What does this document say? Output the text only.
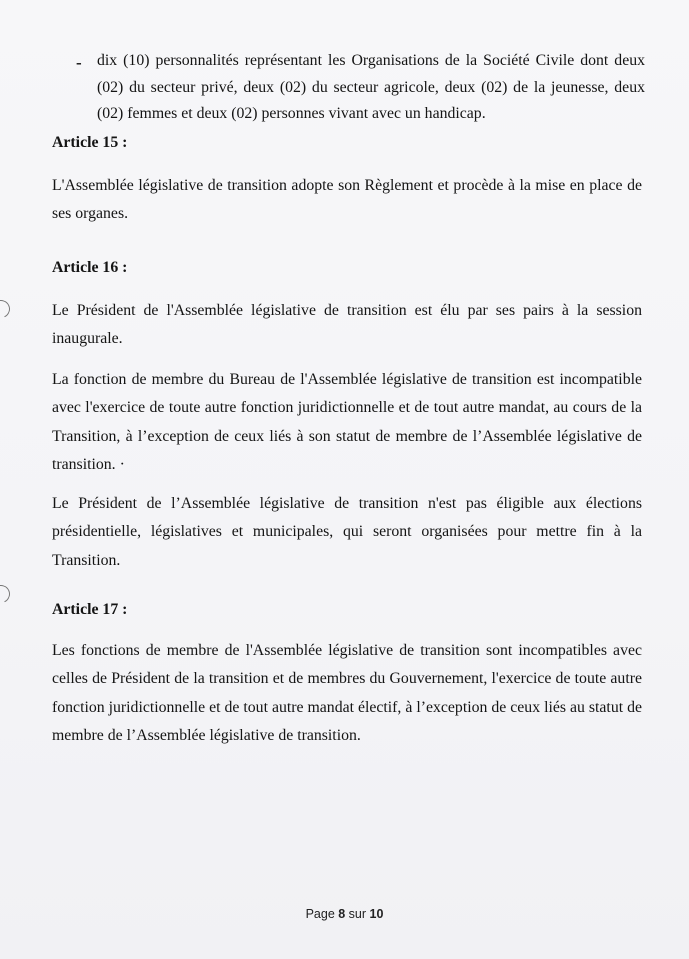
- dix (10) personnalités représentant les Organisations de la Société Civile dont deux (02) du secteur privé, deux (02) du secteur agricole, deux (02) de la jeunesse, deux (02) femmes et deux (02) personnes vivant avec un handicap.
Article 15 :
L'Assemblée législative de transition adopte son Règlement et procède à la mise en place de ses organes.
Article 16 :
Le Président de l'Assemblée législative de transition est élu par ses pairs à la session inaugurale.
La fonction de membre du Bureau de l'Assemblée législative de transition est incompatible avec l'exercice de toute autre fonction juridictionnelle et de tout autre mandat, au cours de la Transition, à l’exception de ceux liés à son statut de membre de l’Assemblée législative de transition. ·
Le Président de l’Assemblée législative de transition n'est pas éligible aux élections présidentielle, législatives et municipales, qui seront organisées pour mettre fin à la Transition.
Article 17 :
Les fonctions de membre de l'Assemblée législative de transition sont incompatibles avec celles de Président de la transition et de membres du Gouvernement, l'exercice de toute autre fonction juridictionnelle et de tout autre mandat électif, à l’exception de ceux liés au statut de membre de l’Assemblée législative de transition.
Page 8 sur 10
